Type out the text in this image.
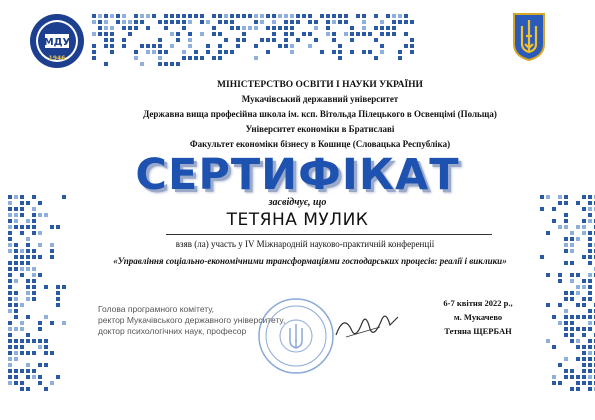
МДУ
1946
МІНІСТЕРСТВО ОСВІТИ І НАУКИ УКРАЇНИ
Мукачівський державний університет
Державна вища професійна школа ім. ксп. Вітольда Пілецького в Освенцімі (Польща)
Університет економіки в Братиславі
Факультет економіки бізнесу в Кошице (Словацька Республіка)
СЕРТИФІКАТ
засвідчує, що
ТЕТЯНА МУЛИК
взяв (ла) участь у IV Міжнародній науково-практичній конференції
«Управління соціально-економічними трансформаціями господарських процесів: реалії і виклики»
Голова програмного комітету,
ректор Мукачівського державного університету,
доктор психологічних наук, професор
6-7 квітня 2022 р.,
м. Мукачево
Тетяна ЩЕРБАН
